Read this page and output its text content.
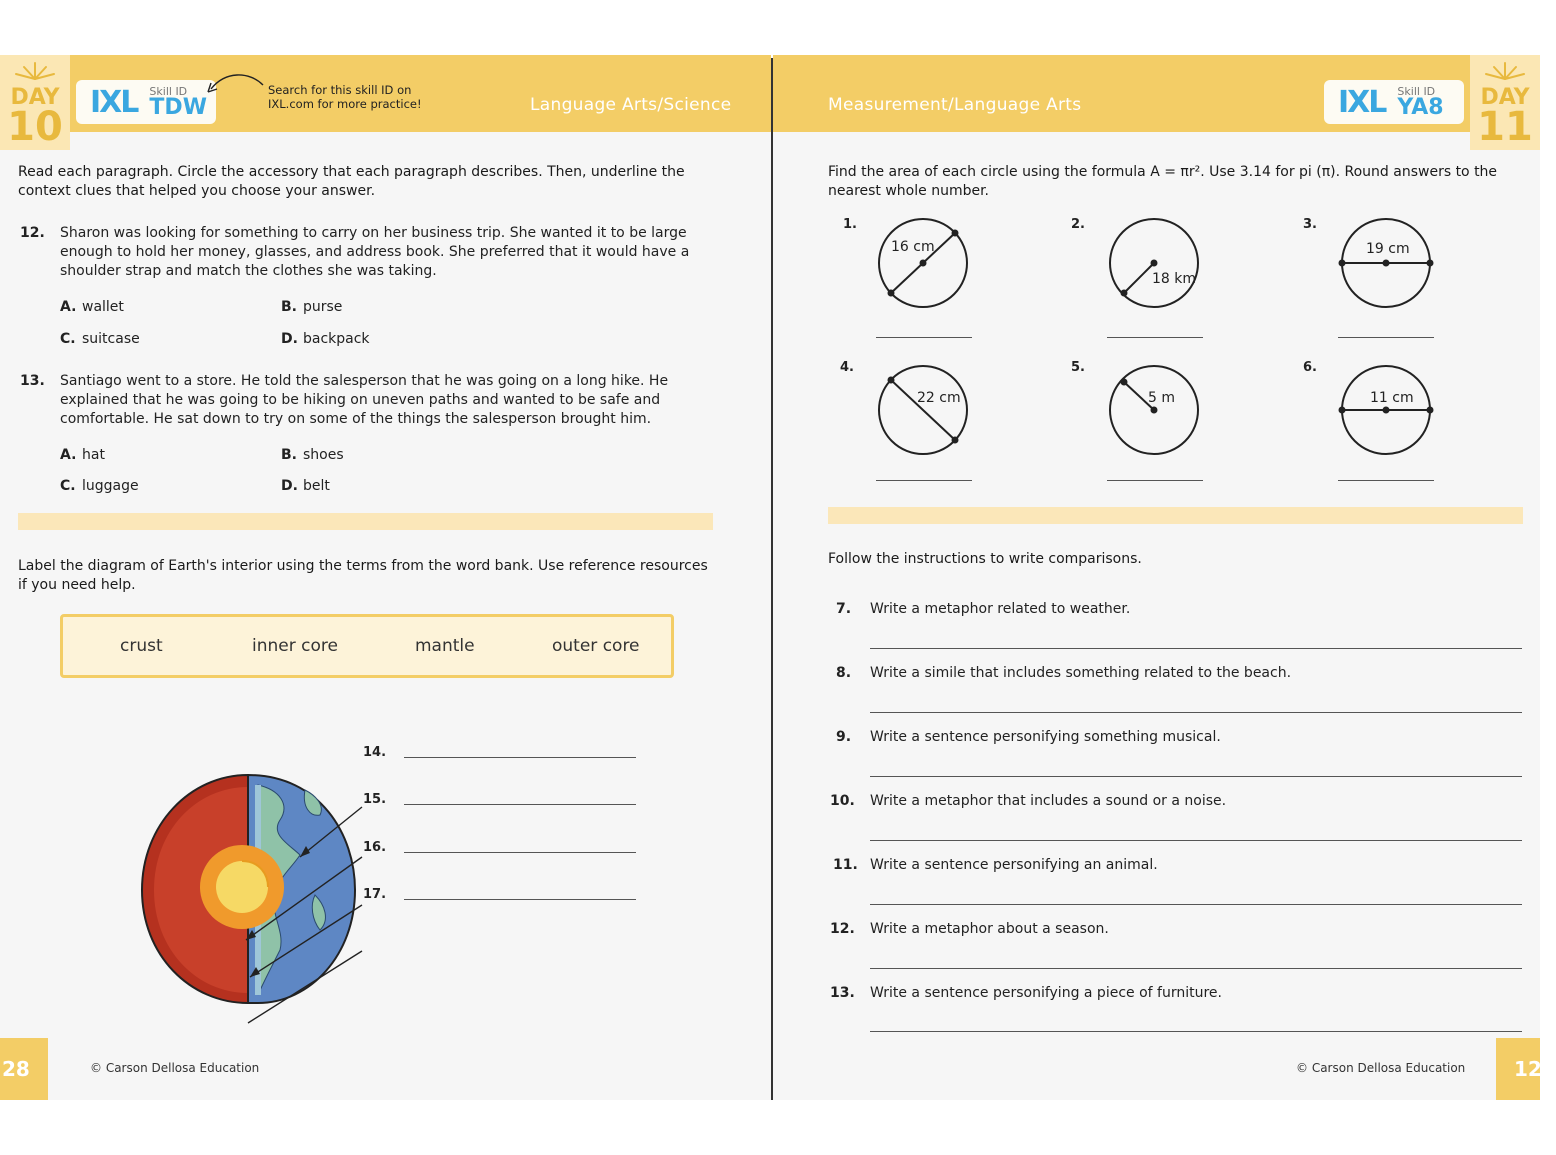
DAY
10
IXL Skill ID
TDW
Search for this skill ID on
IXL.com for more practice!	Language Arts/Science
Read each paragraph. Circle the accessory that each paragraph describes. Then, underline the context clues that helped you choose your answer.
12. Sharon was looking for something to carry on her business trip. She wanted it to be large enough to hold her money, glasses, and address book. She preferred that it would have a shoulder strap and match the clothes she was taking.
A. wallet	B. purse
C. suitcase	D. backpack
13. Santiago went to a store. He told the salesperson that he was going on a long hike. He explained that he was going to be hiking on uneven paths and wanted to be safe and comfortable. He sat down to try on some of the things the salesperson brought him.
A. hat	B. shoes
C. luggage	D. belt
Label the diagram of Earth's interior using the terms from the word bank. Use reference resources if you need help.
crust	inner core	mantle	outer core
14.
15.
16.
17.
28	© Carson Dellosa Education
Measurement/Language Arts	IXL Skill ID
YA8	DAY
11
Find the area of each circle using the formula A = πr². Use 3.14 for pi (π). Round answers to the nearest whole number.
1.
16 cm
2.
18 km
3.
19 cm
4.
22 cm
5.
5 m
6.
11 cm
Follow the instructions to write comparisons.
7. Write a metaphor related to weather.
8. Write a simile that includes something related to the beach.
9. Write a sentence personifying something musical.
10. Write a metaphor that includes a sound or a noise.
11. Write a sentence personifying an animal.
12. Write a metaphor about a season.
13. Write a sentence personifying a piece of furniture.
© Carson Dellosa Education	129
